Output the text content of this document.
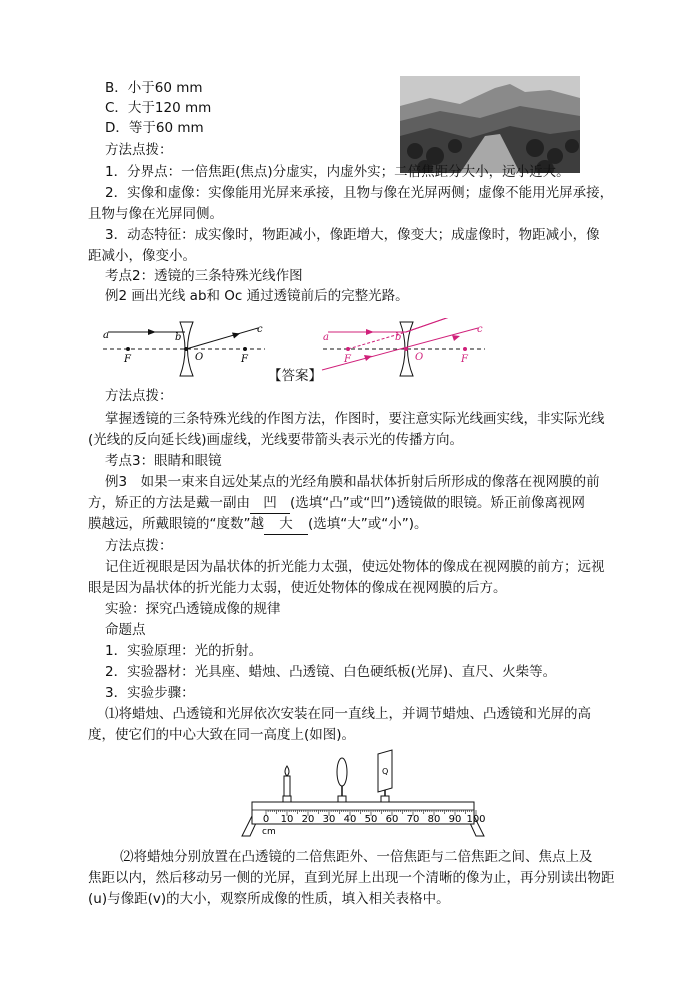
B．小于60 mm
C．大于120 mm
D．等于60 mm
方法点拨：
1．分界点：一倍焦距(焦点)分虚实，内虚外实；二倍焦距分大小，远小近大。
2．实像和虚像：实像能用光屏来承接，且物与像在光屏两侧；虚像不能用光屏承接，
且物与像在光屏同侧。
3．动态特征：成实像时，物距减小，像距增大，像变大；成虚像时，物距减小，像
距减小，像变小。
考点2：透镜的三条特殊光线作图
例2 画出光线 ab和 Oc 通过透镜前后的完整光路。
a	b
c
O
F	F
【答案】
a	b
c
O
F	F
方法点拨：
掌握透镜的三条特殊光线的作图方法，作图时，要注意实际光线画实线，非实际光线
(光线的反向延长线)画虚线，光线要带箭头表示光的传播方向。
考点3：眼睛和眼镜
例3　如果一束来自远处某点的光经角膜和晶状体折射后所形成的像落在视网膜的前
方，矫正的方法是戴一副由 凹 (选填“凸”或“凹”)透镜做的眼镜。矫正前像离视网
膜越远，所戴眼镜的“度数”越 大 (选填“大”或“小”)。
方法点拨：
记住近视眼是因为晶状体的折光能力太强，使远处物体的像成在视网膜的前方；远视
眼是因为晶状体的折光能力太弱，使近处物体的像成在视网膜的后方。
实验：探究凸透镜成像的规律
命题点
1．实验原理：光的折射。
2．实验器材：光具座、蜡烛、凸透镜、白色硬纸板(光屏)、直尺、火柴等。
3．实验步骤：
⑴将蜡烛、凸透镜和光屏依次安装在同一直线上，并调节蜡烛、凸透镜和光屏的高
度，使它们的中心大致在同一高度上(如图)。
Q
0 10 20 30 40 50 60 70 80 90 100
cm
⑵将蜡烛分别放置在凸透镜的二倍焦距外、一倍焦距与二倍焦距之间、焦点上及
焦距以内，然后移动另一侧的光屏，直到光屏上出现一个清晰的像为止，再分别读出物距
(u)与像距(v)的大小，观察所成像的性质，填入相关表格中。
